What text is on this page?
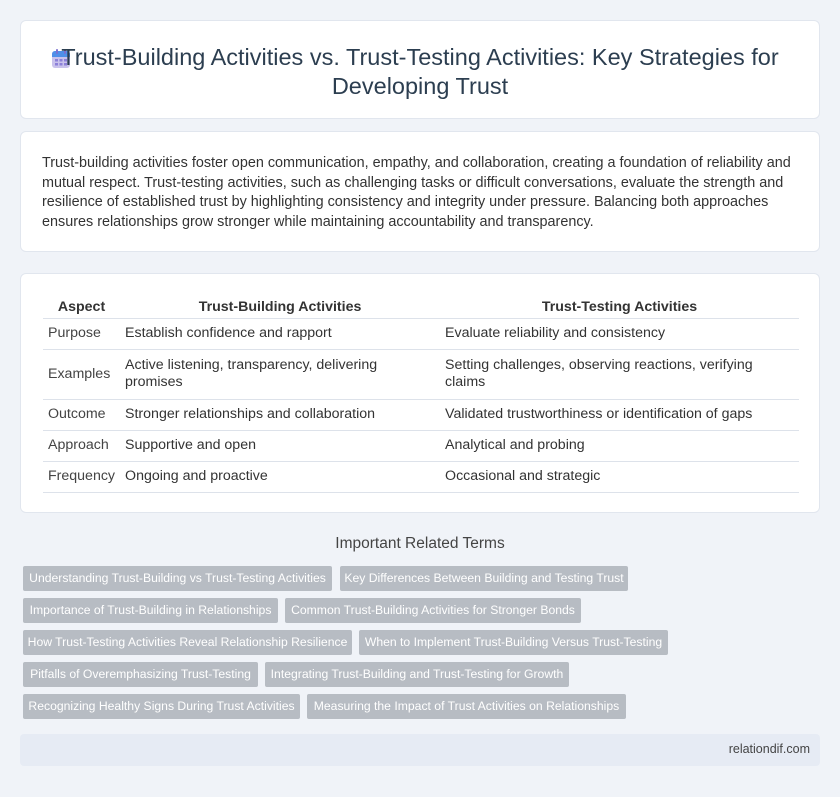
Trust-Building Activities vs. Trust-Testing Activities: Key Strategies for Developing Trust

Trust-building activities foster open communication, empathy, and collaboration, creating a foundation of reliability and mutual respect. Trust-testing activities, such as challenging tasks or difficult conversations, evaluate the strength and resilience of established trust by highlighting consistency and integrity under pressure. Balancing both approaches ensures relationships grow stronger while maintaining accountability and transparency.

Aspect	Trust-Building Activities	Trust-Testing Activities
Purpose	Establish confidence and rapport	Evaluate reliability and consistency
Examples	Active listening, transparency, delivering promises	Setting challenges, observing reactions, verifying claims
Outcome	Stronger relationships and collaboration	Validated trustworthiness or identification of gaps
Approach	Supportive and open	Analytical and probing
Frequency	Ongoing and proactive	Occasional and strategic
Important Related Terms
Understanding Trust-Building vs Trust-Testing Activities	Key Differences Between Building and Testing Trust
Importance of Trust-Building in Relationships	Common Trust-Building Activities for Stronger Bonds
How Trust-Testing Activities Reveal Relationship Resilience	When to Implement Trust-Building Versus Trust-Testing
Pitfalls of Overemphasizing Trust-Testing	Integrating Trust-Building and Trust-Testing for Growth
Recognizing Healthy Signs During Trust Activities	Measuring the Impact of Trust Activities on Relationships
relationdif.com
